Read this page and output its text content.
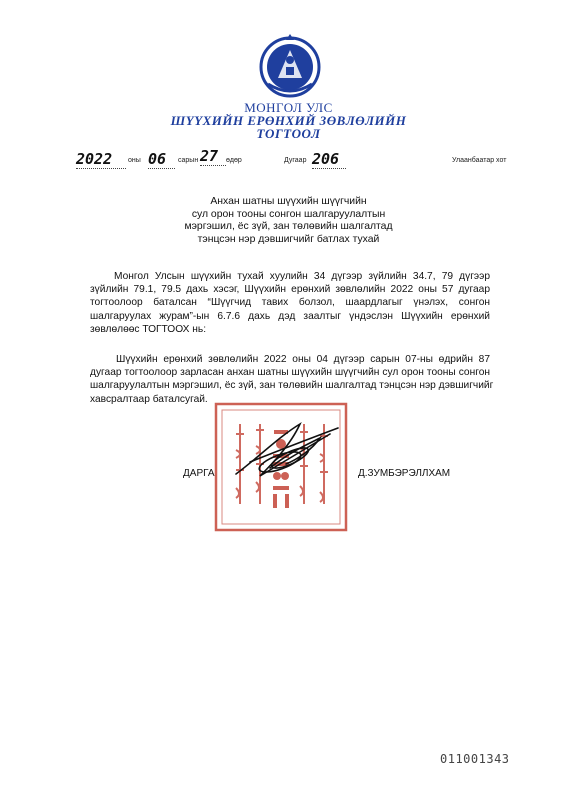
МОНГОЛ УЛС
ШҮҮХИЙН ЕРӨНХИЙ ЗӨВЛӨЛИЙН
ТОГТООЛ
2022	оны 06	сарын 27	өдөр	Дугаар 206	Улаанбаатар хот
Анхан шатны шүүхийн шүүгчийн
сул орон тооны сонгон шалгаруулалтын
мэргэшил, ёс зүй, зан төлөвийн шалгалтад
тэнцсэн нэр дэвшигчийг батлах тухай
Монгол Улсын шүүхийн тухай хуулийн 34 дүгээр зүйлийн 34.7, 79 дүгээр
зүйлийн 79.1, 79.5 дахь хэсэг, Шүүхийн ерөнхий зөвлөлийн 2022 оны 57 дугаар
тогтоолоор баталсан “Шүүгчид тавих болзол, шаардлагыг үнэлэх, сонгон
шалгаруулах журам”-ын 6.7.6 дахь дэд заалтыг үндэслэн Шүүхийн ерөнхий
зөвлөлөөс ТОГТООХ нь:
Шүүхийн ерөнхий зөвлөлийн 2022 оны 04 дүгээр сарын 07-ны өдрийн 87
дугаар тогтоолоор зарласан анхан шатны шүүхийн шүүгчийн сул орон тооны сонгон
шалгаруулалтын мэргэшил, ёс зүй, зан төлөвийн шалгалтад тэнцсэн нэр дэвшигчийг
хавсралтаар баталсугай.
ДАРГА	Д.ЗУМБЭРЭЛЛХАМ
011001343
